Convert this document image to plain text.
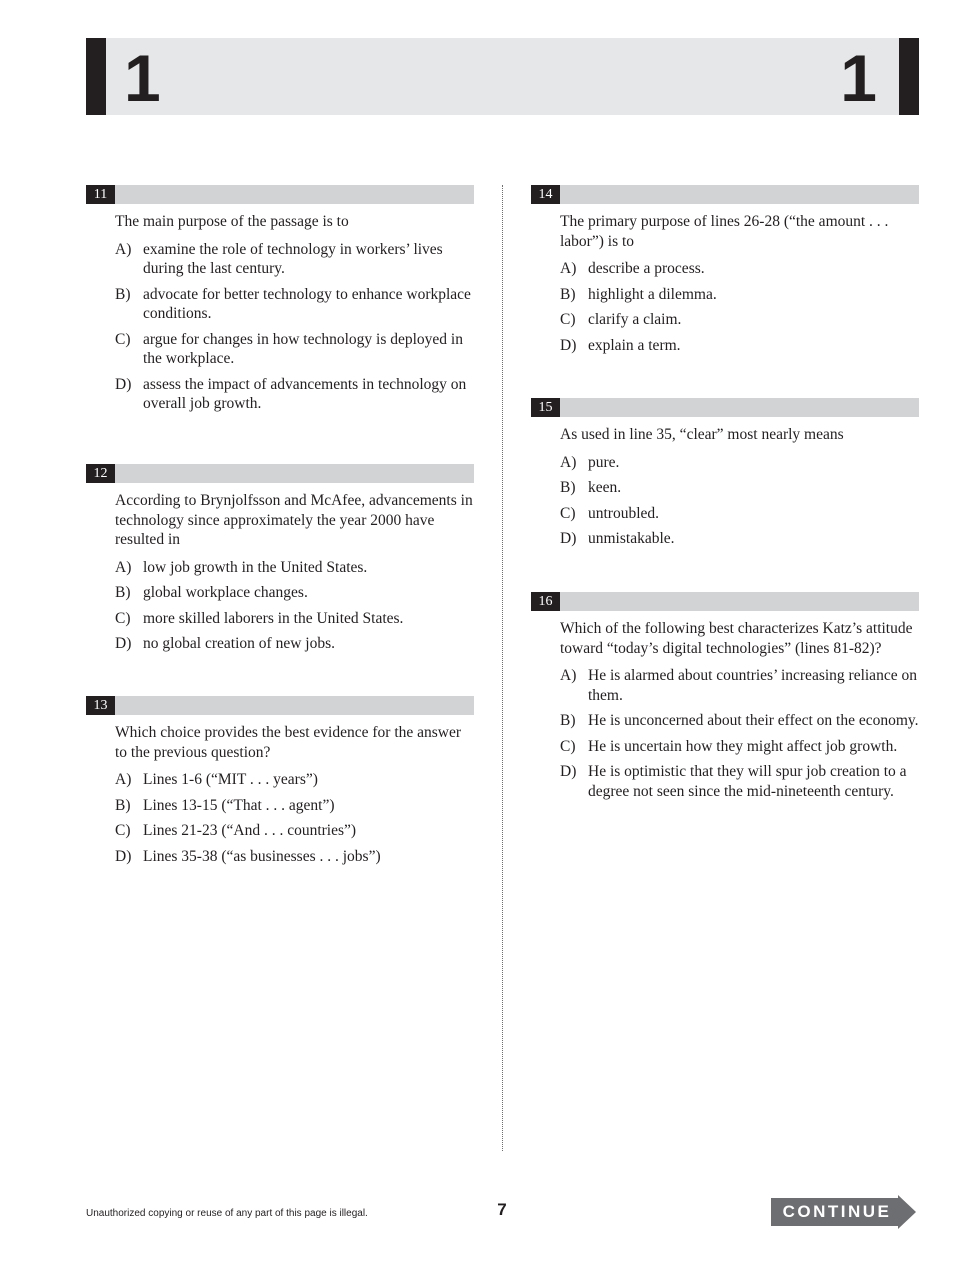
1	1
11
The main purpose of the passage is to
A) examine the role of technology in workers’ lives during the last century.
B) advocate for better technology to enhance workplace conditions.
C) argue for changes in how technology is deployed in the workplace.
D) assess the impact of advancements in technology on overall job growth.
12
According to Brynjolfsson and McAfee, advancements in technology since approximately the year 2000 have resulted in
A) low job growth in the United States.
B) global workplace changes.
C) more skilled laborers in the United States.
D) no global creation of new jobs.
13
Which choice provides the best evidence for the answer to the previous question?
A) Lines 1-6 (“MIT . . . years”)
B) Lines 13-15 (“That . . . agent”)
C) Lines 21-23 (“And . . . countries”)
D) Lines 35-38 (“as businesses . . . jobs”)
14
The primary purpose of lines 26-28 (“the amount . . . labor”) is to
A) describe a process.
B) highlight a dilemma.
C) clarify a claim.
D) explain a term.
15
As used in line 35, “clear” most nearly means
A) pure.
B) keen.
C) untroubled.
D) unmistakable.
16
Which of the following best characterizes Katz’s attitude toward “today’s digital technologies” (lines 81-82)?
A) He is alarmed about countries’ increasing reliance on them.
B) He is unconcerned about their effect on the economy.
C) He is uncertain how they might affect job growth.
D) He is optimistic that they will spur job creation to a degree not seen since the mid-nineteenth century.
Unauthorized copying or reuse of any part of this page is illegal.	7	CONTINUE
